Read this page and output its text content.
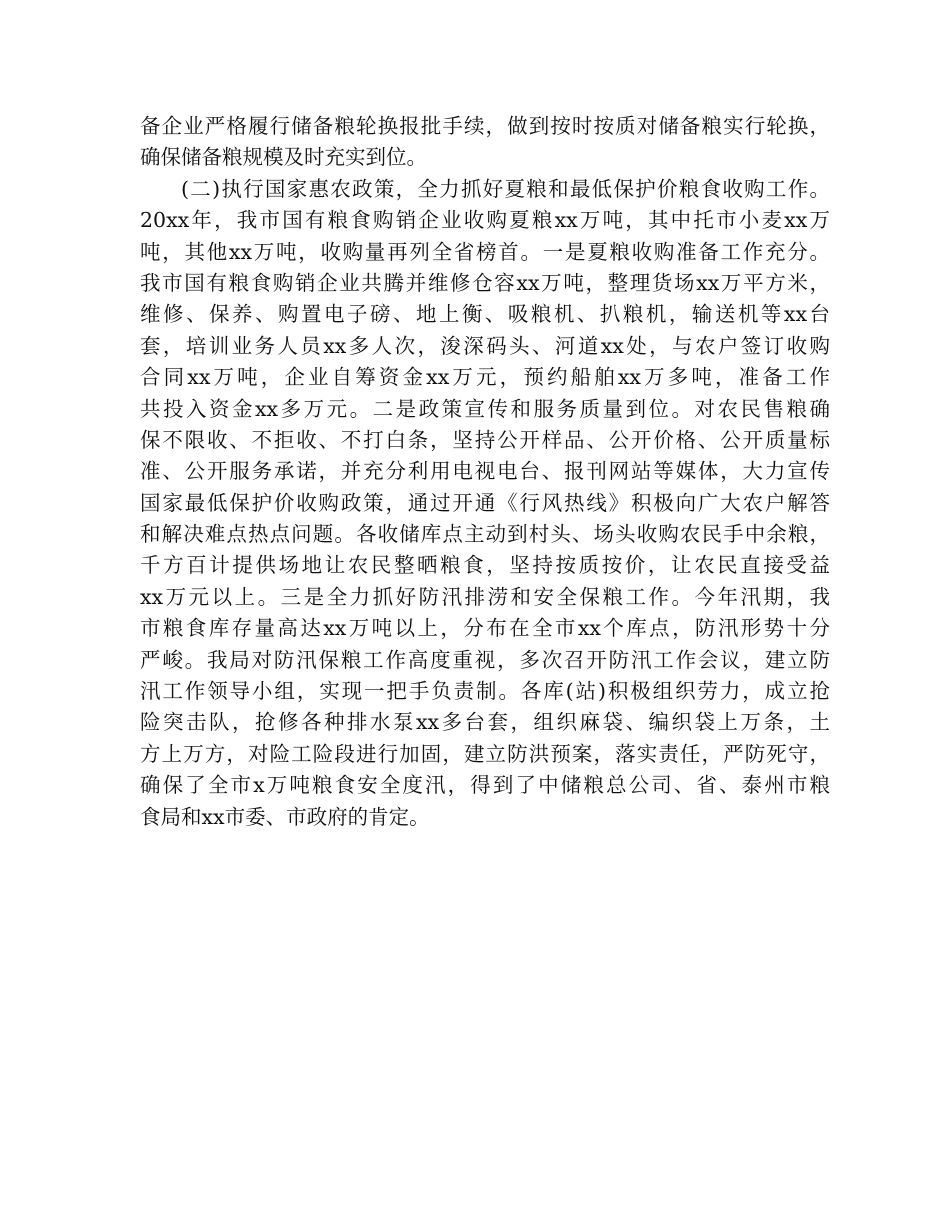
备企业严格履行储备粮轮换报批手续，做到按时按质对储备粮实行轮换，
确保储备粮规模及时充实到位。
(二)执行国家惠农政策，全力抓好夏粮和最低保护价粮食收购工作。
20xx年，我市国有粮食购销企业收购夏粮xx万吨，其中托市小麦xx万
吨，其他xx万吨，收购量再列全省榜首。一是夏粮收购准备工作充分。
我市国有粮食购销企业共腾并维修仓容xx万吨，整理货场xx万平方米，
维修、保养、购置电子磅、地上衡、吸粮机、扒粮机，输送机等xx台
套，培训业务人员xx多人次，浚深码头、河道xx处，与农户签订收购
合同xx万吨，企业自筹资金xx万元，预约船舶xx万多吨，准备工作
共投入资金xx多万元。二是政策宣传和服务质量到位。对农民售粮确
保不限收、不拒收、不打白条，坚持公开样品、公开价格、公开质量标
准、公开服务承诺，并充分利用电视电台、报刊网站等媒体，大力宣传
国家最低保护价收购政策，通过开通《行风热线》积极向广大农户解答
和解决难点热点问题。各收储库点主动到村头、场头收购农民手中余粮，
千方百计提供场地让农民整晒粮食，坚持按质按价，让农民直接受益
xx万元以上。三是全力抓好防汛排涝和安全保粮工作。今年汛期，我
市粮食库存量高达xx万吨以上，分布在全市xx个库点，防汛形势十分
严峻。我局对防汛保粮工作高度重视，多次召开防汛工作会议，建立防
汛工作领导小组，实现一把手负责制。各库(站)积极组织劳力，成立抢
险突击队，抢修各种排水泵xx多台套，组织麻袋、编织袋上万条，土
方上万方，对险工险段进行加固，建立防洪预案，落实责任，严防死守，
确保了全市x万吨粮食安全度汛，得到了中储粮总公司、省、泰州市粮
食局和xx市委、市政府的肯定。
